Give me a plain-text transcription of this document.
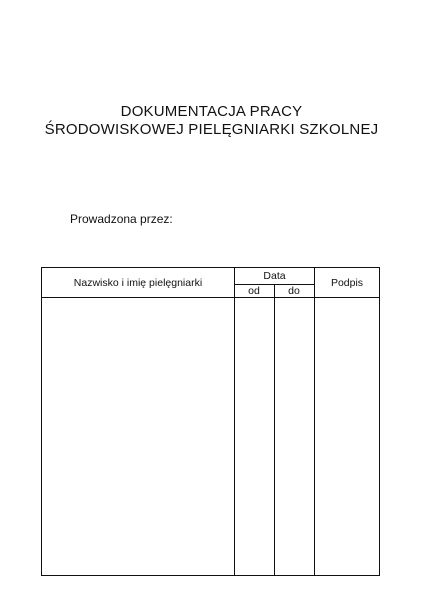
DOKUMENTACJA PRACY
ŚRODOWISKOWEJ PIELĘGNIARKI SZKOLNEJ
Prowadzona przez:
Nazwisko i imię pielęgniarki
Data
od	do
Podpis
